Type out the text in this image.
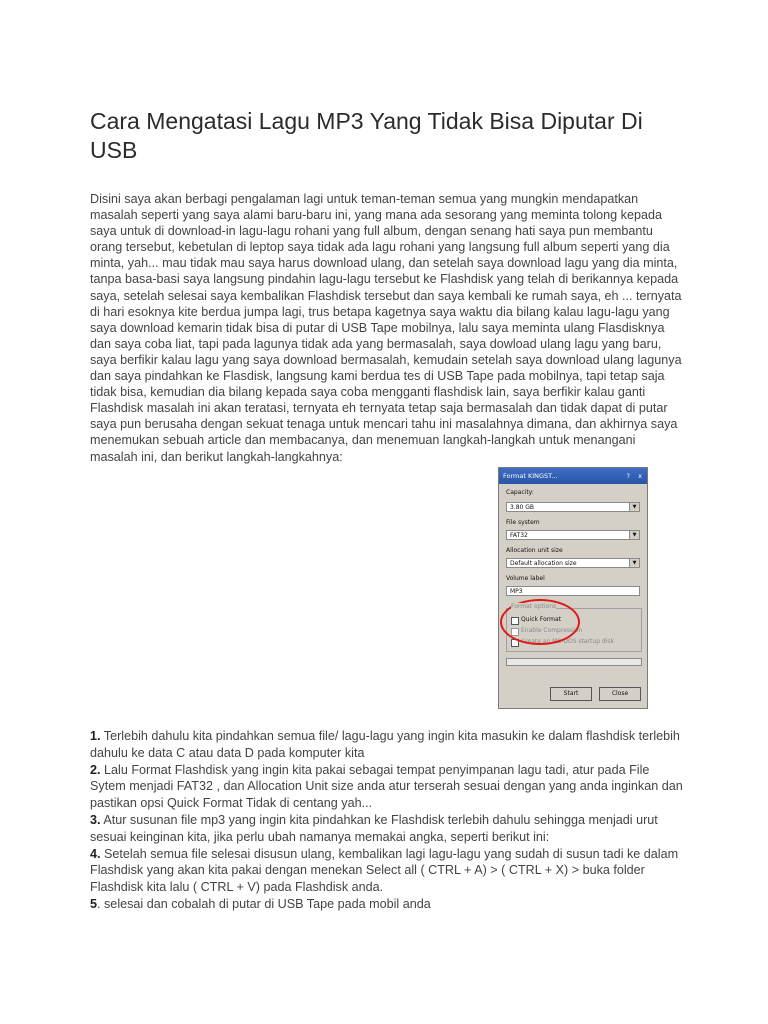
Cara Mengatasi Lagu MP3 Yang Tidak Bisa Diputar Di USB

Disini saya akan berbagi pengalaman lagi untuk teman-teman semua yang mungkin mendapatkan masalah seperti yang saya alami baru-baru ini, yang mana ada sesorang yang meminta tolong kepada saya untuk di download-in lagu-lagu rohani yang full album, dengan senang hati saya pun membantu orang tersebut, kebetulan di leptop saya tidak ada lagu rohani yang langsung full album seperti yang dia minta, yah... mau tidak mau saya harus download ulang, dan setelah saya download lagu yang dia minta, tanpa basa-basi saya langsung pindahin lagu-lagu tersebut ke Flashdisk yang telah di berikannya kepada saya, setelah selesai saya kembalikan Flashdisk tersebut dan saya kembali ke rumah saya, eh ... ternyata di hari esoknya kite berdua jumpa lagi, trus betapa kagetnya saya waktu dia bilang kalau lagu-lagu yang saya download kemarin tidak bisa di putar di USB Tape mobilnya, lalu saya meminta ulang Flasdisknya dan saya coba liat, tapi pada lagunya tidak ada yang bermasalah, saya dowload ulang lagu yang baru, saya berfikir kalau lagu yang saya download bermasalah, kemudain setelah saya download ulang lagunya dan saya pindahkan ke Flasdisk, langsung kami berdua tes di USB Tape pada mobilnya, tapi tetap saja tidak bisa, kemudian dia bilang kepada saya coba mengganti flashdisk lain, saya berfikir kalau ganti Flashdisk masalah ini akan teratasi, ternyata eh ternyata tetap saja bermasalah dan tidak dapat di putar saya pun berusaha dengan sekuat tenaga untuk mencari tahu ini masalahnya dimana, dan akhirnya saya menemukan sebuah article dan membacanya, dan menemuan langkah-langkah untuk menangani masalah ini, dan berikut langkah-langkahnya:

Format KINGST...	? x
Capacity:
3.80 GB	▼
File system
FAT32	▼
Allocation unit size
Default allocation size	▼
Volume label
MP3
Format options
Quick Format
Enable Compression
Create an MS-DOS startup disk
Start	Close

1. Terlebih dahulu kita pindahkan semua file/ lagu-lagu yang ingin kita masukin ke dalam flashdisk terlebih dahulu ke data C atau data D pada komputer kita

2. Lalu Format Flashdisk yang ingin kita pakai sebagai tempat penyimpanan lagu tadi, atur pada File Sytem menjadi FAT32 , dan Allocation Unit size anda atur terserah sesuai dengan yang anda inginkan dan pastikan opsi Quick Format Tidak di centang yah...

3. Atur susunan file mp3 yang ingin kita pindahkan ke Flashdisk terlebih dahulu sehingga menjadi urut sesuai keinginan kita, jika perlu ubah namanya memakai angka, seperti berikut ini:

4. Setelah semua file selesai disusun ulang, kembalikan lagi lagu-lagu yang sudah di susun tadi ke dalam Flashdisk yang akan kita pakai dengan menekan Select all ( CTRL + A) > ( CTRL + X) > buka folder Flashdisk kita lalu ( CTRL + V) pada Flashdisk anda.

5. selesai dan cobalah di putar di USB Tape pada mobil anda
